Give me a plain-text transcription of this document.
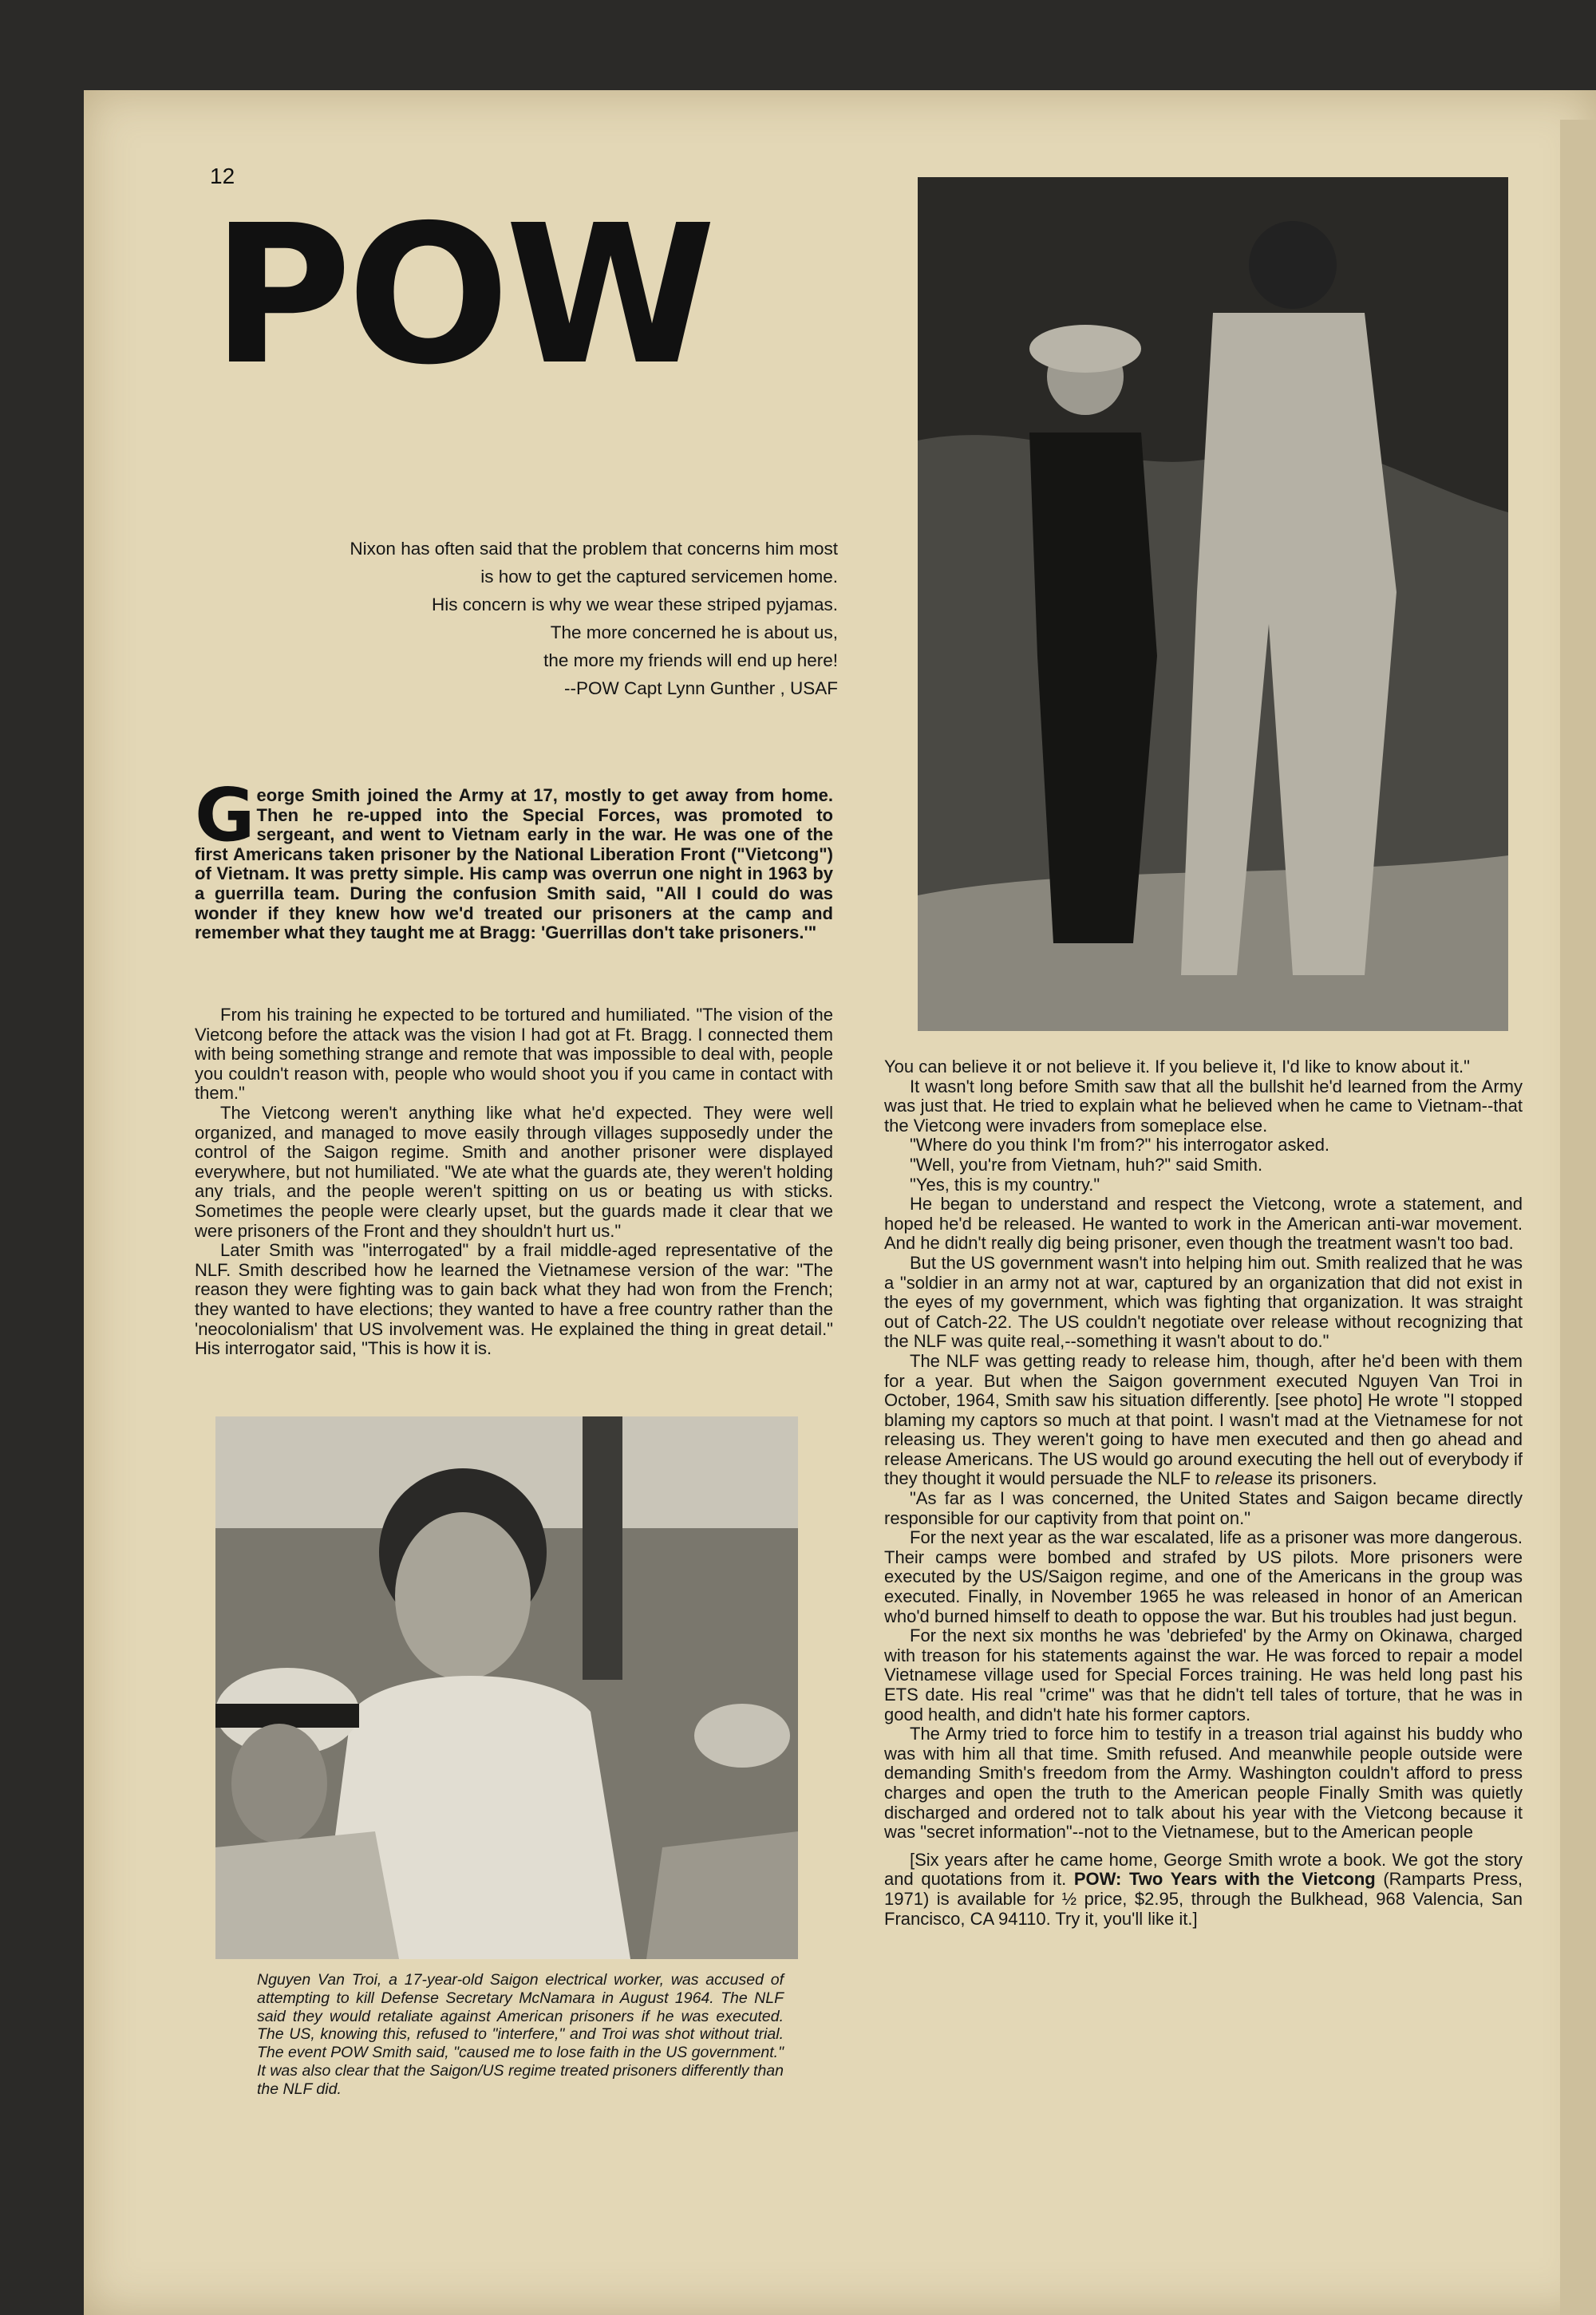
12
POW
Nixon has often said that the problem that concerns him most
is how to get the captured servicemen home.
His concern is why we wear these striped pyjamas.
The more concerned he is about us,
the more my friends will end up here!
--POW Capt Lynn Gunther , USAF
George Smith joined the Army at 17, mostly to get away from home. Then he re-upped into the Special Forces, was promoted to sergeant, and went to Vietnam early in the war. He was one of the first Americans taken prisoner by the National Liberation Front ("Vietcong") of Vietnam. It was pretty simple. His camp was overrun one night in 1963 by a guerrilla team. During the confusion Smith said, "All I could do was wonder if they knew how we'd treated our prisoners at the camp and remember what they taught me at Bragg: 'Guerrillas don't take prisoners.'"

From his training he expected to be tortured and humiliated. "The vision of the Vietcong before the attack was the vision I had got at Ft. Bragg. I connected them with being something strange and remote that was impossible to deal with, people you couldn't reason with, people who would shoot you if you came in contact with them."

The Vietcong weren't anything like what he'd expected. They were well organized, and managed to move easily through villages supposedly under the control of the Saigon regime. Smith and another prisoner were displayed everywhere, but not humiliated. "We ate what the guards ate, they weren't holding any trials, and the people weren't spitting on us or beating us with sticks. Sometimes the people were clearly upset, but the guards made it clear that we were prisoners of the Front and they shouldn't hurt us."

Later Smith was "interrogated" by a frail middle-aged representative of the NLF. Smith described how he learned the Vietnamese version of the war: "The reason they were fighting was to gain back what they had won from the French; they wanted to have elections; they wanted to have a free country rather than the 'neocolonialism' that US involvement was. He explained the thing in great detail." His interrogator said, "This is how it is.

Nguyen Van Troi, a 17-year-old Saigon electrical worker, was accused of attempting to kill Defense Secretary McNamara in August 1964. The NLF said they would retaliate against American prisoners if he was executed. The US, knowing this, refused to "interfere," and Troi was shot without trial. The event POW Smith said, "caused me to lose faith in the US government." It was also clear that the Saigon/US regime treated prisoners differently than the NLF did.

You can believe it or not believe it. If you believe it, I'd like to know about it."

It wasn't long before Smith saw that all the bullshit he'd learned from the Army was just that. He tried to explain what he believed when he came to Vietnam--that the Vietcong were invaders from someplace else.

"Where do you think I'm from?" his interrogator asked.

"Well, you're from Vietnam, huh?" said Smith.

"Yes, this is my country."

He began to understand and respect the Vietcong, wrote a statement, and hoped he'd be released. He wanted to work in the American anti-war movement. And he didn't really dig being prisoner, even though the treatment wasn't too bad.

But the US government wasn't into helping him out. Smith realized that he was a "soldier in an army not at war, captured by an organization that did not exist in the eyes of my government, which was fighting that organization. It was straight out of Catch-22. The US couldn't negotiate over release without recognizing that the NLF was quite real,--something it wasn't about to do."

The NLF was getting ready to release him, though, after he'd been with them for a year. But when the Saigon government executed Nguyen Van Troi in October, 1964, Smith saw his situation differently. [see photo] He wrote "I stopped blaming my captors so much at that point. I wasn't mad at the Vietnamese for not releasing us. They weren't going to have men executed and then go ahead and release Americans. The US would go around executing the hell out of everybody if they thought it would persuade the NLF to release its prisoners.

"As far as I was concerned, the United States and Saigon became directly responsible for our captivity from that point on."

For the next year as the war escalated, life as a prisoner was more dangerous. Their camps were bombed and strafed by US pilots. More prisoners were executed by the US/Saigon regime, and one of the Americans in the group was executed. Finally, in November 1965 he was released in honor of an American who'd burned himself to death to oppose the war. But his troubles had just begun.

For the next six months he was 'debriefed' by the Army on Okinawa, charged with treason for his statements against the war. He was forced to repair a model Vietnamese village used for Special Forces training. He was held long past his ETS date. His real "crime" was that he didn't tell tales of torture, that he was in good health, and didn't hate his former captors.

The Army tried to force him to testify in a treason trial against his buddy who was with him all that time. Smith refused. And meanwhile people outside were demanding Smith's freedom from the Army. Washington couldn't afford to press charges and open the truth to the American people Finally Smith was quietly discharged and ordered not to talk about his year with the Vietcong because it was "secret information"--not to the Vietnamese, but to the American people

[Six years after he came home, George Smith wrote a book. We got the story and quotations from it. POW: Two Years with the Vietcong (Ramparts Press, 1971) is available for ½ price, $2.95, through the Bulkhead, 968 Valencia, San Francisco, CA 94110. Try it, you'll like it.]
